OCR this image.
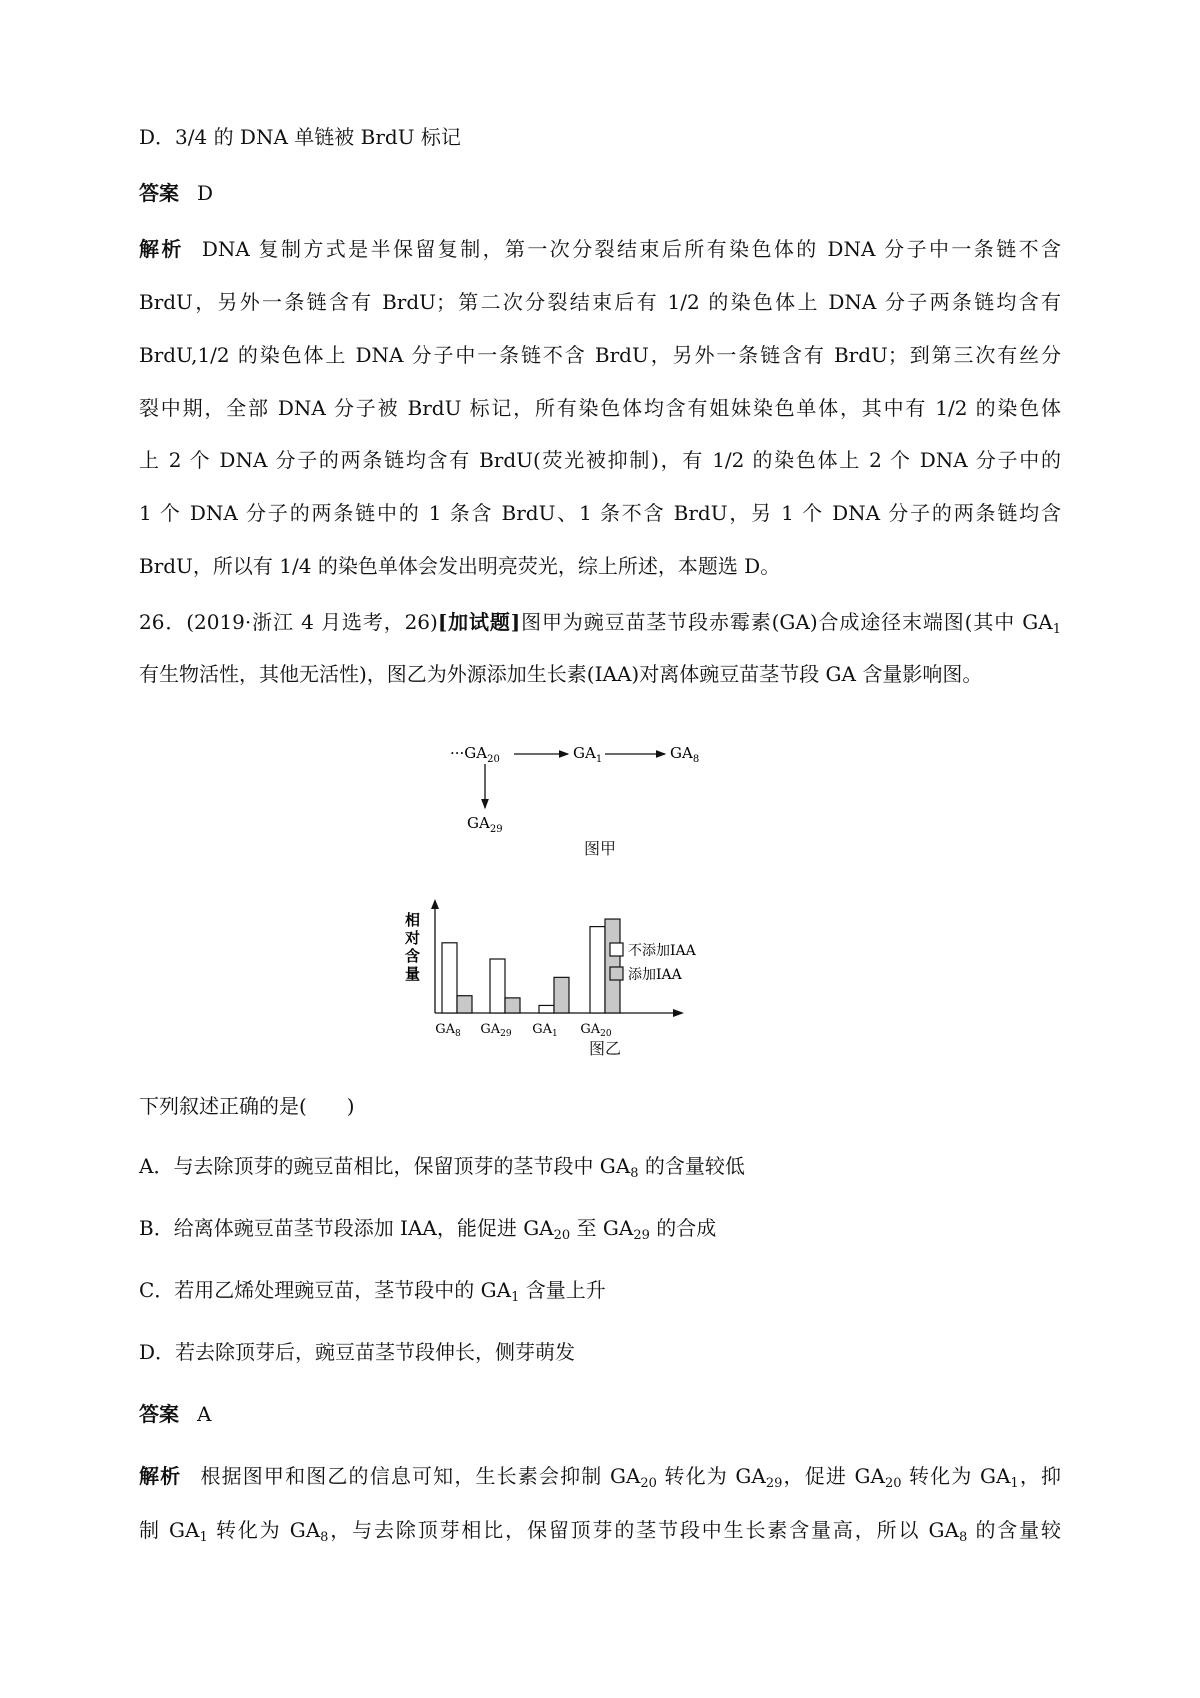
D．3/4 的 DNA 单链被 BrdU 标记
答案 D
解析 DNA 复制方式是半保留复制，第一次分裂结束后所有染色体的 DNA 分子中一条链不含
BrdU，另外一条链含有 BrdU；第二次分裂结束后有 1/2 的染色体上 DNA 分子两条链均含有
BrdU,1/2 的染色体上 DNA 分子中一条链不含 BrdU，另外一条链含有 BrdU；到第三次有丝分
裂中期，全部 DNA 分子被 BrdU 标记，所有染色体均含有姐妹染色单体，其中有 1/2 的染色体
上 2 个 DNA 分子的两条链均含有 BrdU(荧光被抑制)，有 1/2 的染色体上 2 个 DNA 分子中的
1 个 DNA 分子的两条链中的 1 条含 BrdU、1 条不含 BrdU，另 1 个 DNA 分子的两条链均含
BrdU，所以有 1/4 的染色单体会发出明亮荧光，综上所述，本题选 D。
26．(2019·浙江 4 月选考，26)[加试题]图甲为豌豆苗茎节段赤霉素(GA)合成途径末端图(其中 $GA_1$
有生物活性，其他无活性)，图乙为外源添加生长素(IAA)对离体豌豆苗茎节段 GA 含量影响图。
$\cdot\cdot\cdot GA_{20}$	$GA_1$	$GA_8$
$GA_{29}$
图甲
相
对
含
量
$GA_8$ $GA_{29}$ $GA_1$ $GA_{20}$
不添加IAA
添加IAA
图乙
下列叙述正确的是(　　)
A．与去除顶芽的豌豆苗相比，保留顶芽的茎节段中 $GA_8$ 的含量较低
B．给离体豌豆苗茎节段添加 IAA，能促进 $GA_{20}$ 至 $GA_{29}$ 的合成
C．若用乙烯处理豌豆苗，茎节段中的 $GA_1$ 含量上升
D．若去除顶芽后，豌豆苗茎节段伸长，侧芽萌发
答案 A
解析 根据图甲和图乙的信息可知，生长素会抑制 $GA_{20}$ 转化为 $GA_{29}$，促进 $GA_{20}$ 转化为 $GA_1$，抑
制 $GA_1$ 转化为 $GA_8$，与去除顶芽相比，保留顶芽的茎节段中生长素含量高，所以 $GA_8$ 的含量较
